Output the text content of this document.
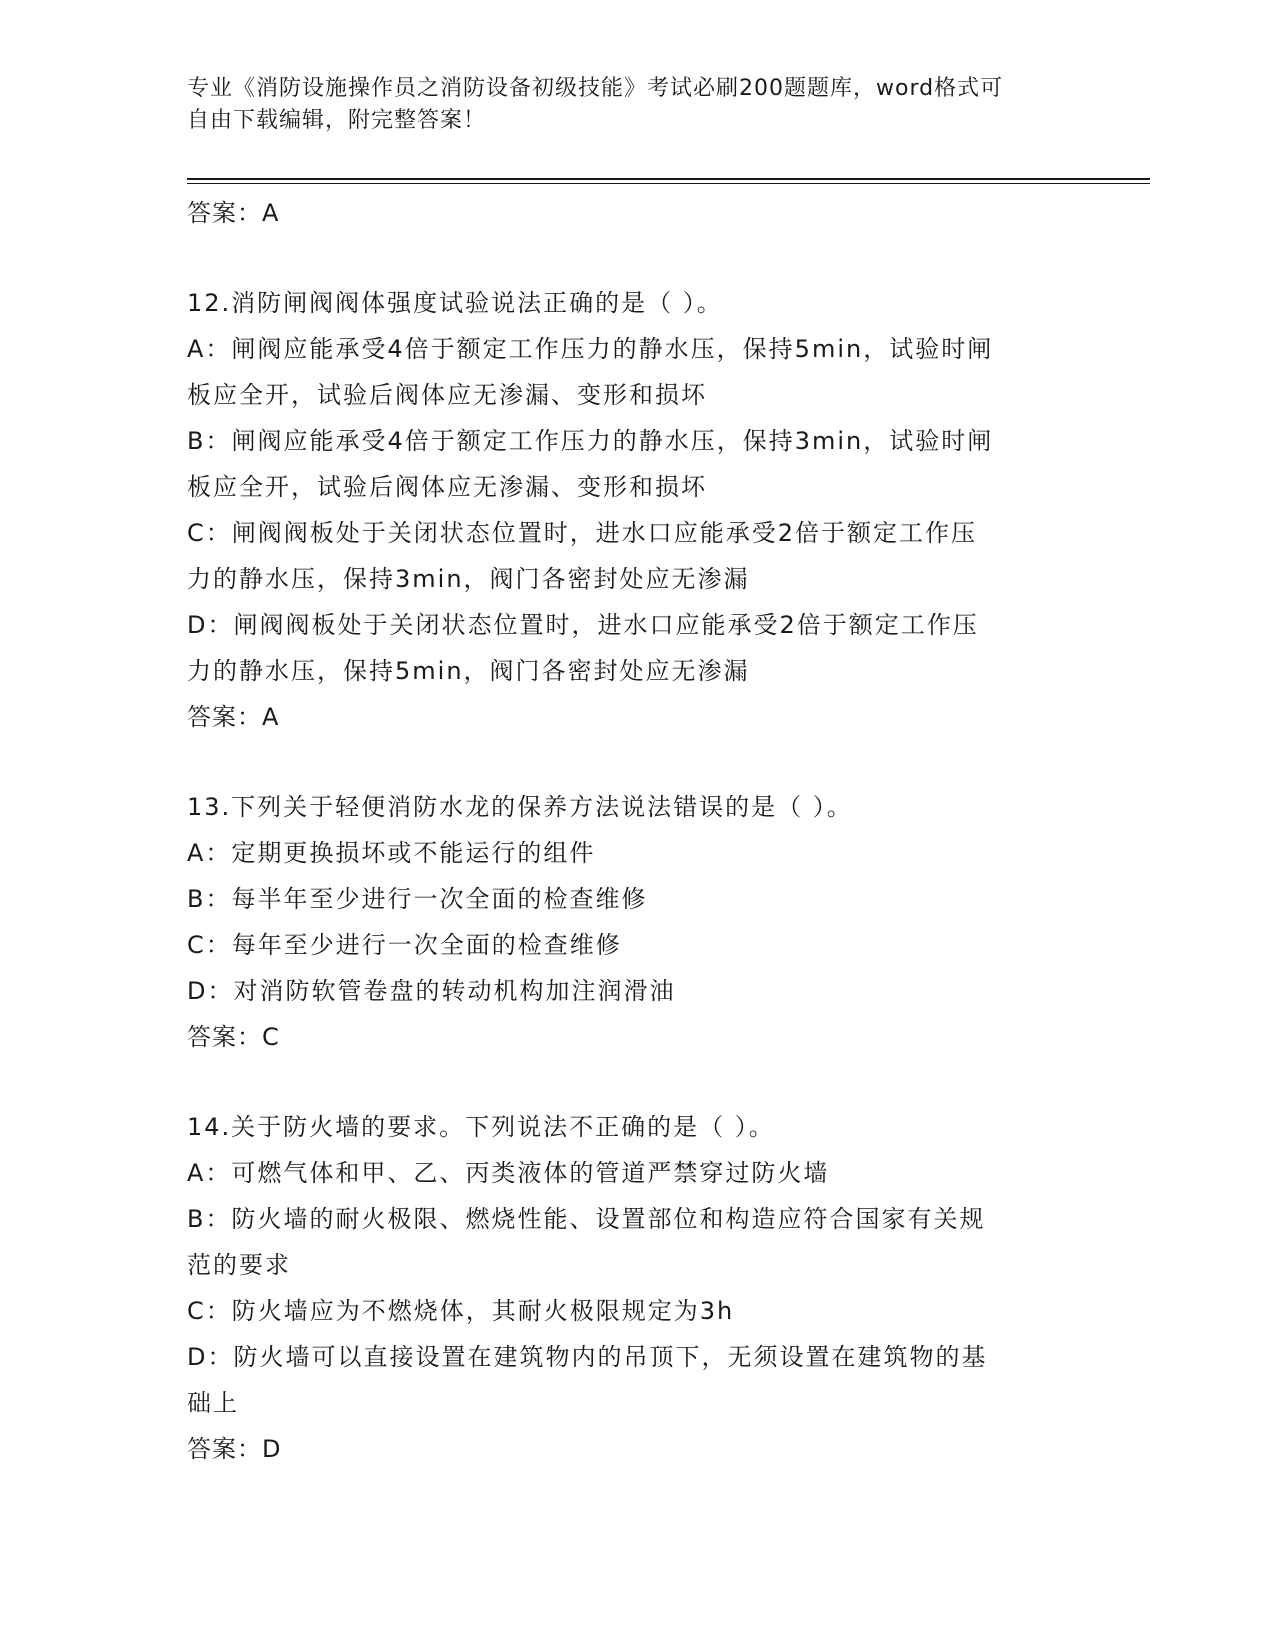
专业《消防设施操作员之消防设备初级技能》考试必刷200题题库，word格式可
自由下载编辑，附完整答案！
答案：A
12.消防闸阀阀体强度试验说法正确的是（ ）。
A：闸阀应能承受4倍于额定工作压力的静水压，保持5min，试验时闸
板应全开，试验后阀体应无渗漏、变形和损坏
B：闸阀应能承受4倍于额定工作压力的静水压，保持3min，试验时闸
板应全开，试验后阀体应无渗漏、变形和损坏
C：闸阀阀板处于关闭状态位置时，进水口应能承受2倍于额定工作压
力的静水压，保持3min，阀门各密封处应无渗漏
D：闸阀阀板处于关闭状态位置时，进水口应能承受2倍于额定工作压
力的静水压，保持5min，阀门各密封处应无渗漏
答案：A
13.下列关于轻便消防水龙的保养方法说法错误的是（ ）。
A：定期更换损坏或不能运行的组件
B：每半年至少进行一次全面的检查维修
C：每年至少进行一次全面的检查维修
D：对消防软管卷盘的转动机构加注润滑油
答案：C
14.关于防火墙的要求。下列说法不正确的是（ ）。
A：可燃气体和甲、乙、丙类液体的管道严禁穿过防火墙
B：防火墙的耐火极限、燃烧性能、设置部位和构造应符合国家有关规
范的要求
C：防火墙应为不燃烧体，其耐火极限规定为3h
D：防火墙可以直接设置在建筑物内的吊顶下，无须设置在建筑物的基
础上
答案：D
